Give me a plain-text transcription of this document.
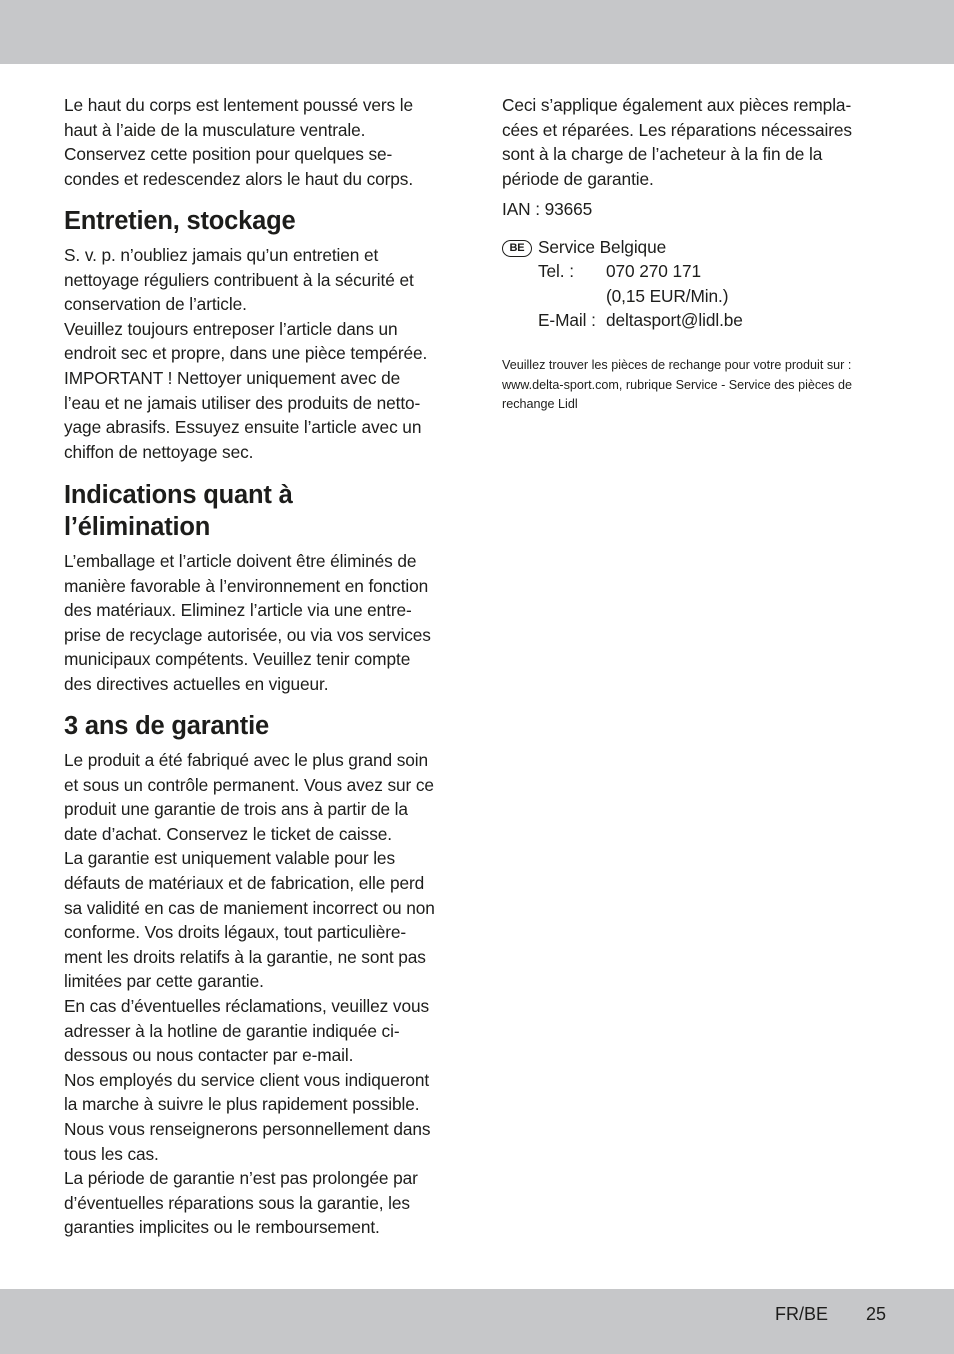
Le haut du corps est lentement poussé vers le
haut à l’aide de la musculature ventrale.
Conservez cette position pour quelques se-
condes et redescendez alors le haut du corps.
Entretien, stockage
S. v. p. n’oubliez jamais qu’un entretien et
nettoyage réguliers contribuent à la sécurité et
conservation de l’article.
Veuillez toujours entreposer l’article dans un
endroit sec et propre, dans une pièce tempérée.
IMPORTANT ! Nettoyer uniquement avec de
l’eau et ne jamais utiliser des produits de netto-
yage abrasifs. Essuyez ensuite l’article avec un
chiffon de nettoyage sec.
Indications quant à
l’élimination
L’emballage et l’article doivent être éliminés de
manière favorable à l’environnement en fonction
des matériaux. Eliminez l’article via une entre-
prise de recyclage autorisée, ou via vos services
municipaux compétents. Veuillez tenir compte
des directives actuelles en vigueur.
3 ans de garantie
Le produit a été fabriqué avec le plus grand soin
et sous un contrôle permanent. Vous avez sur ce
produit une garantie de trois ans à partir de la
date d’achat. Conservez le ticket de caisse.
La garantie est uniquement valable pour les
défauts de matériaux et de fabrication, elle perd
sa validité en cas de maniement incorrect ou non
conforme. Vos droits légaux, tout particulière-
ment les droits relatifs à la garantie, ne sont pas
limitées par cette garantie.
En cas d’éventuelles réclamations, veuillez vous
adresser à la hotline de garantie indiquée ci-
dessous ou nous contacter par e-mail.
Nos employés du service client vous indiqueront
la marche à suivre le plus rapidement possible.
Nous vous renseignerons personnellement dans
tous les cas.
La période de garantie n’est pas prolongée par
d’éventuelles réparations sous la garantie, les
garanties implicites ou le remboursement.
Ceci s’applique également aux pièces rempla-
cées et réparées. Les réparations nécessaires
sont à la charge de l’acheteur à la fin de la
période de garantie.
IAN : 93665
BE Service Belgique
Tel. : 070 270 171
(0,15 EUR/Min.)
E-Mail : deltasport@lidl.be
Veuillez trouver les pièces de rechange pour votre produit sur :
www.delta-sport.com, rubrique Service - Service des pièces de
rechange Lidl
FR/BE 25
